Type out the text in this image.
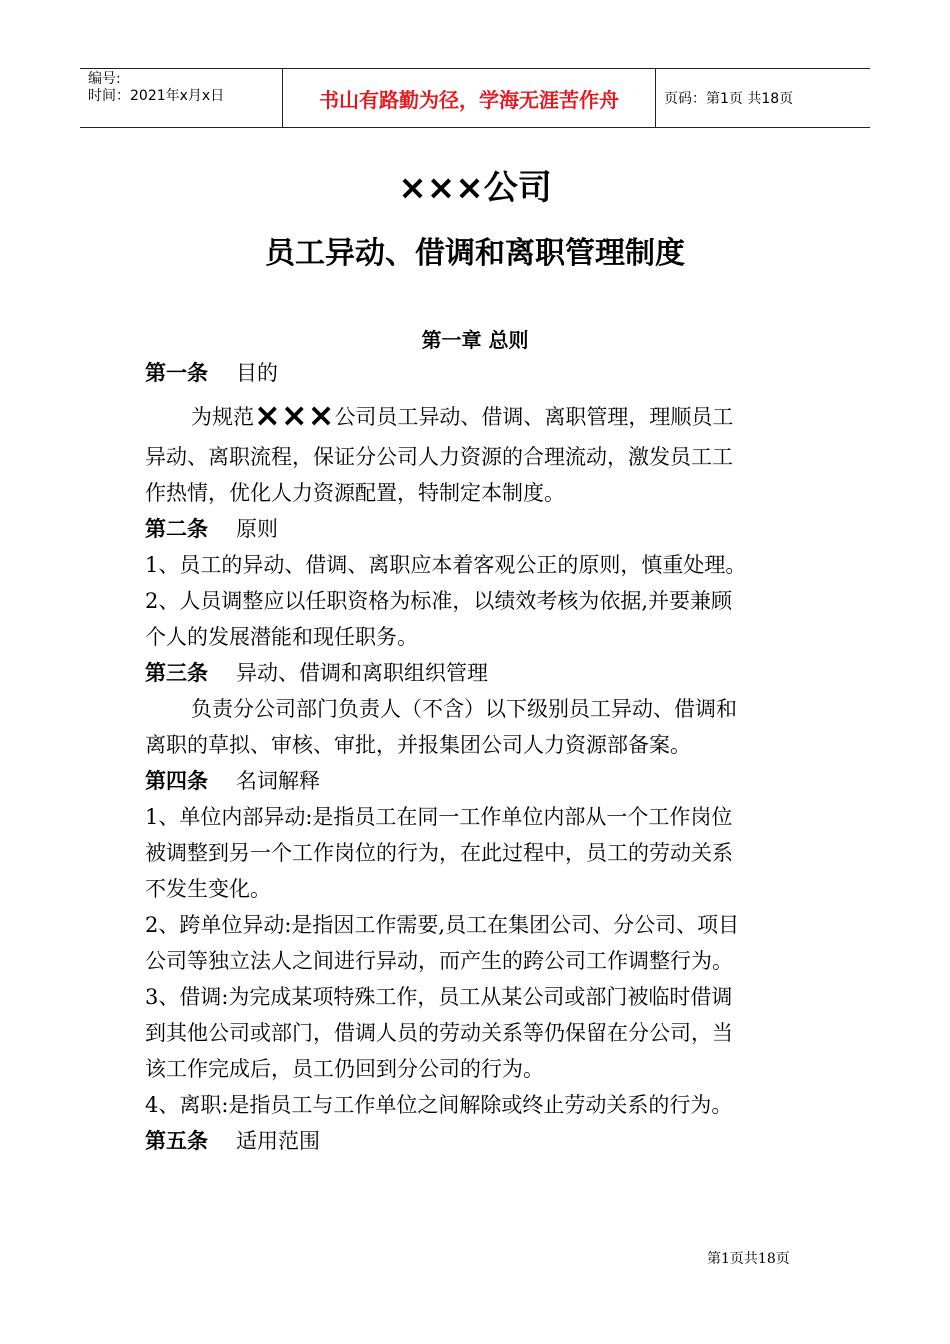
编号:
时间：2021年x月x日	书山有路勤为径，学海无涯苦作舟	页码：第1页 共18页
×××公司
员工异动、借调和离职管理制度
第一章 总则
第一条 目的
为规范×××公司员工异动、借调、离职管理，理顺员工
异动、离职流程，保证分公司人力资源的合理流动，激发员工工
作热情，优化人力资源配置，特制定本制度。
第二条 原则
1、员工的异动、借调、离职应本着客观公正的原则，慎重处理。
2、人员调整应以任职资格为标准，以绩效考核为依据,并要兼顾
个人的发展潜能和现任职务。
第三条 异动、借调和离职组织管理
负责分公司部门负责人（不含）以下级别员工异动、借调和
离职的草拟、审核、审批，并报集团公司人力资源部备案。
第四条 名词解释
1、单位内部异动:是指员工在同一工作单位内部从一个工作岗位
被调整到另一个工作岗位的行为，在此过程中，员工的劳动关系
不发生变化。
2、跨单位异动:是指因工作需要,员工在集团公司、分公司、项目
公司等独立法人之间进行异动，而产生的跨公司工作调整行为。
3、借调:为完成某项特殊工作，员工从某公司或部门被临时借调
到其他公司或部门，借调人员的劳动关系等仍保留在分公司，当
该工作完成后，员工仍回到分公司的行为。
4、离职:是指员工与工作单位之间解除或终止劳动关系的行为。
第五条 适用范围
第1页共18页
